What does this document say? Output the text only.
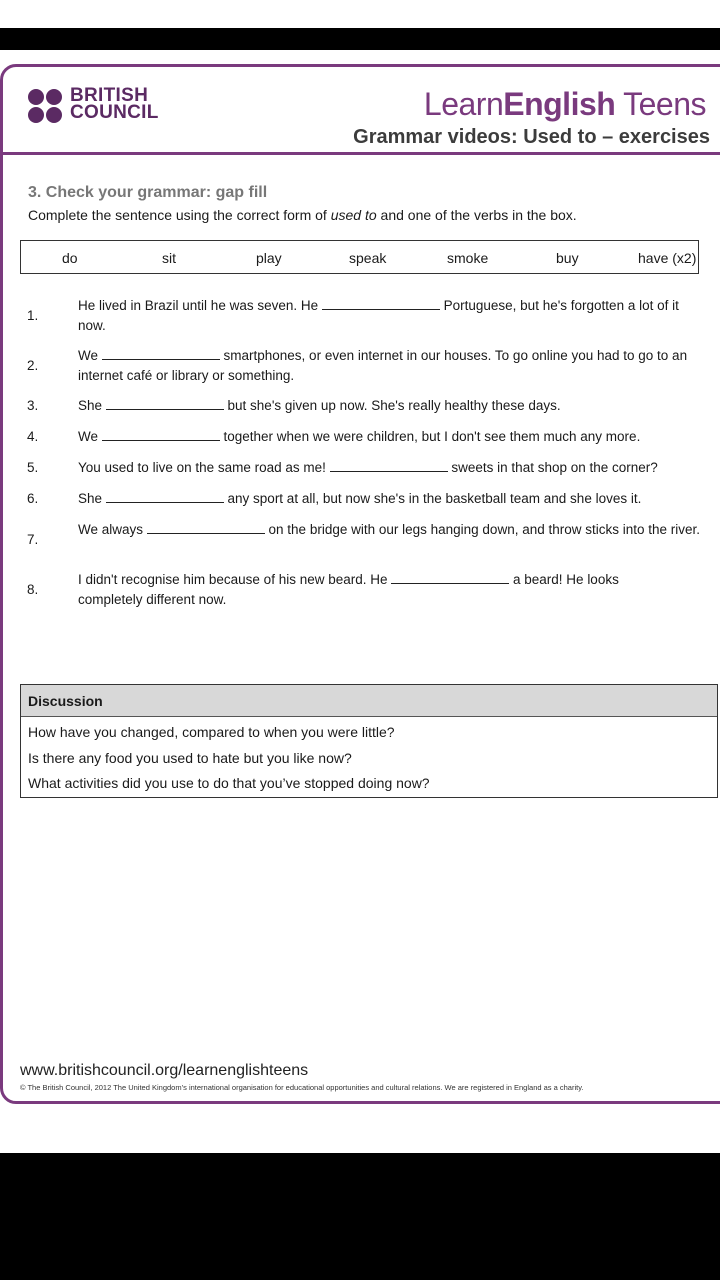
BRITISH
COUNCIL	LearnEnglish Teens
Grammar videos: Used to – exercises
3. Check your grammar: gap fill
Complete the sentence using the correct form of used to and one of the verbs in the box.
do	sit	play	speak	smoke	buy	have (x2)
1.
He lived in Brazil until he was seven. He	Portuguese, but he's forgotten a lot of it now.
2.
We	smartphones, or even internet in our houses. To go online you had to go to an internet café or library or something.
3.	She	but she's given up now. She's really healthy these days.
4.	We	together when we were children, but I don't see them much any more.
5.	You used to live on the same road as me!	sweets in that shop on the corner?
6.	She	any sport at all, but now she's in the basketball team and she loves it.
7.
We always	on the bridge with our legs hanging down, and throw sticks into the river.
8.
I didn't recognise him because of his new beard. He	a beard! He looks completely different now.
Discussion
How have you changed, compared to when you were little?
Is there any food you used to hate but you like now?
What activities did you use to do that you’ve stopped doing now?
www.britishcouncil.org/learnenglishteens
© The British Council, 2012 The United Kingdom’s international organisation for educational opportunities and cultural relations. We are registered in England as a charity.
